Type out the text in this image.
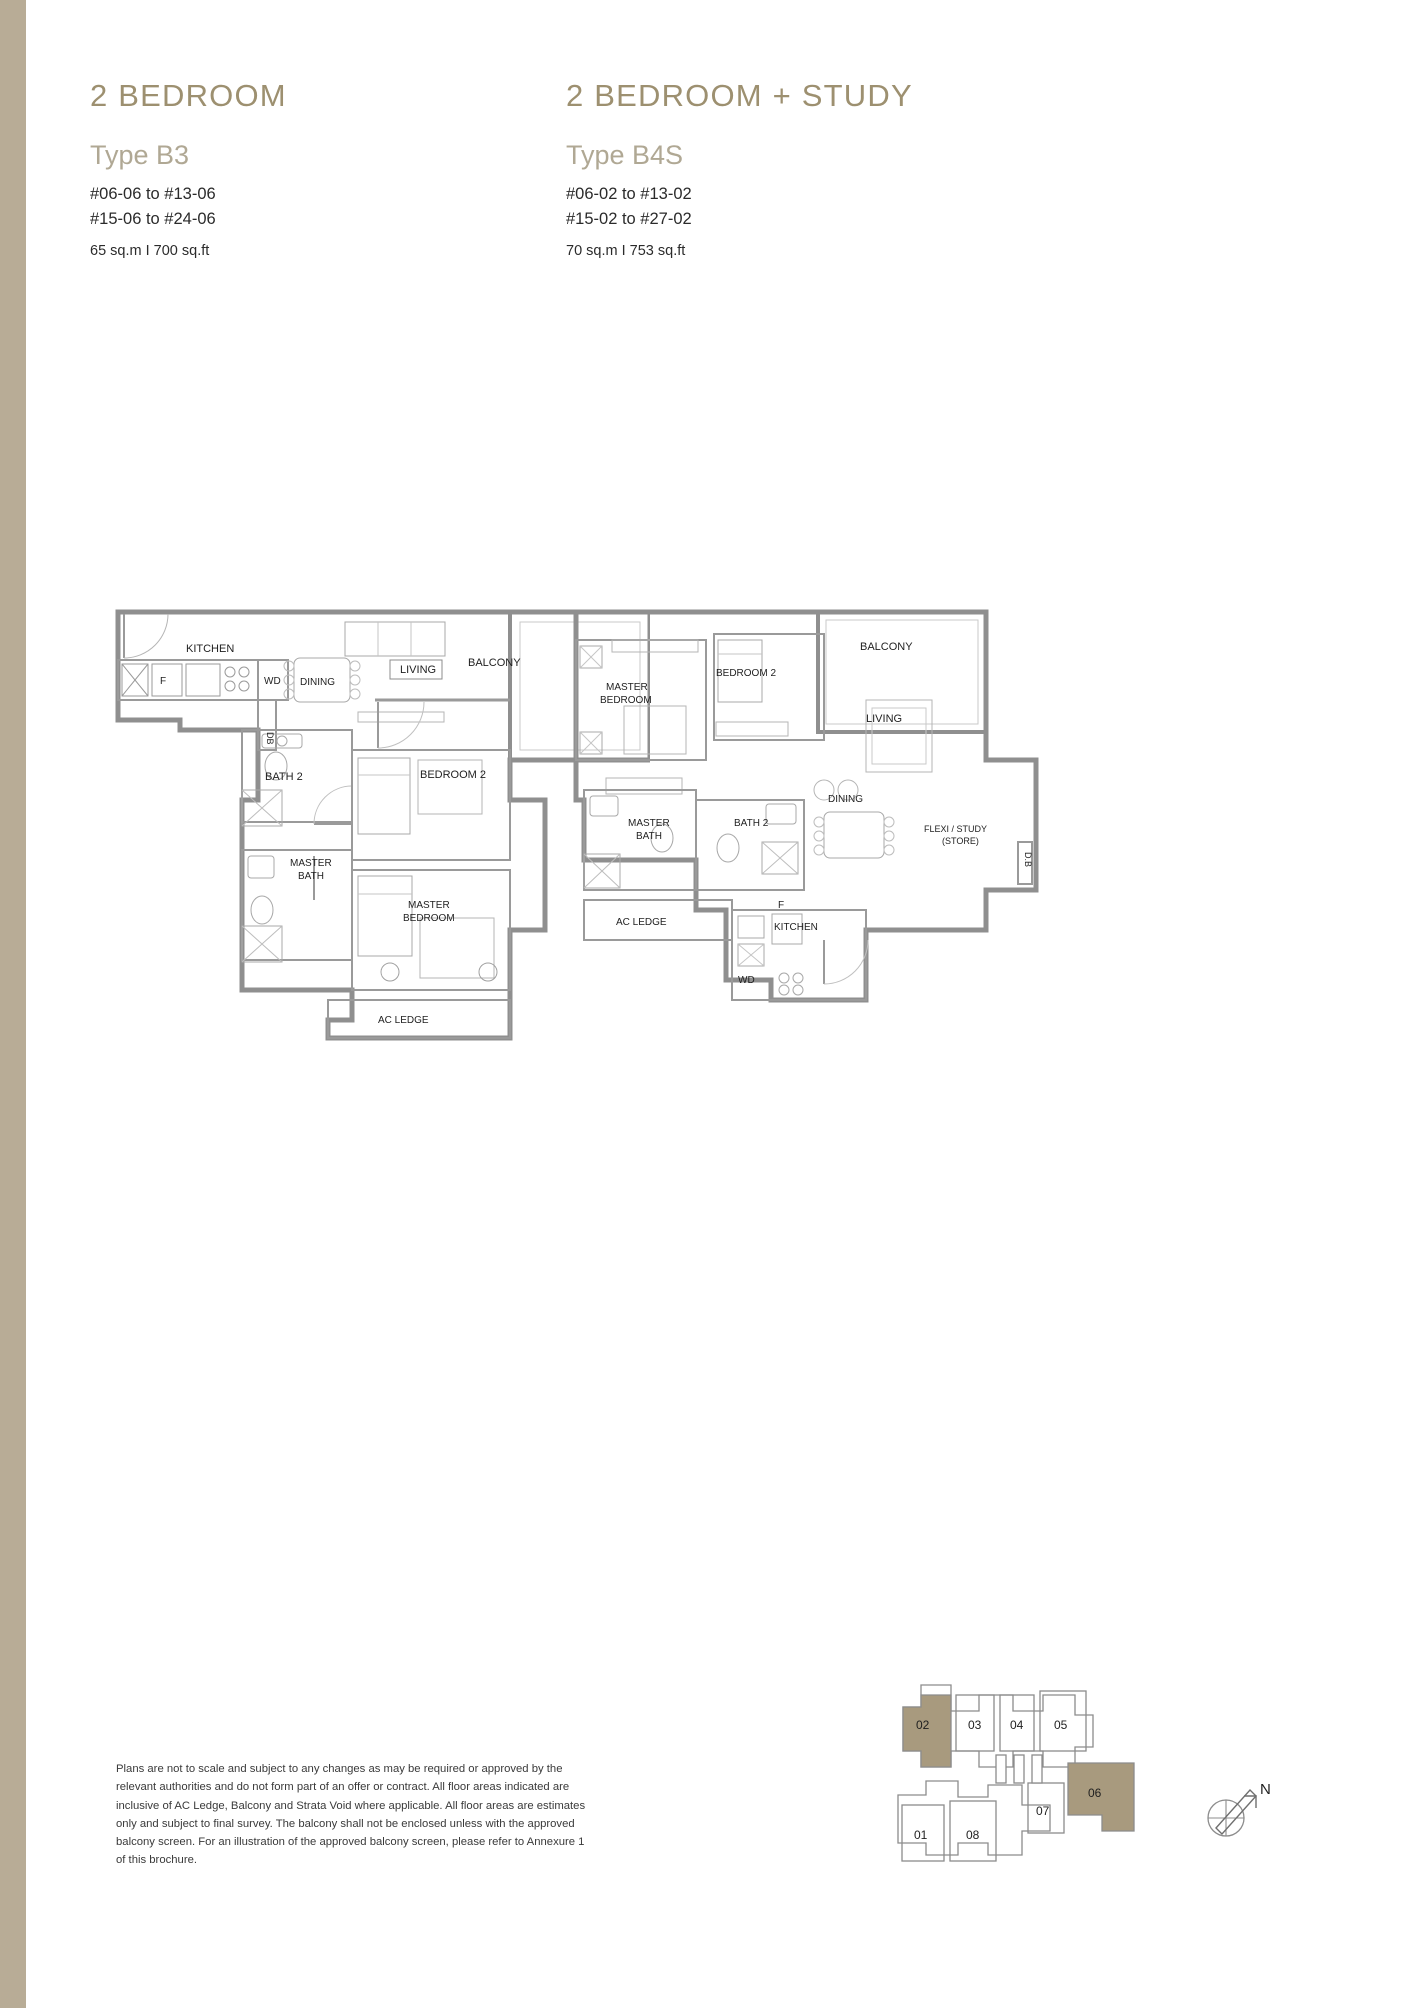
2 BEDROOM
Type B3
#06-06 to #13-06
#15-06 to #24-06
65 sq.m I 700 sq.ft
2 BEDROOM + STUDY
Type B4S
#06-02 to #13-02
#15-02 to #27-02
70 sq.m I 753 sq.ft
KITCHEN
F	WD
DB
DINING
LIVING
BALCONY
BATH 2	BEDROOM 2
MASTER
BATH
MASTER
BEDROOM
AC LEDGE
MASTER
BEDROOM
BEDROOM 2
BALCONY
LIVING
DINING
MASTER
BATH
BATH 2	FLEXI / STUDY
(STORE)
D.B
AC LEDGE	KITCHEN
F
WD
Plans are not to scale and subject to any changes as may be required or approved by the relevant authorities and do not form part of an offer or contract. All floor areas indicated are inclusive of AC Ledge, Balcony and Strata Void where applicable. All floor areas are estimates only and subject to final survey. The balcony shall not be enclosed unless with the approved balcony screen. For an illustration of the approved balcony screen, please refer to Annexure 1 of this brochure.
02	03 04	05
01	08
07
06	N
